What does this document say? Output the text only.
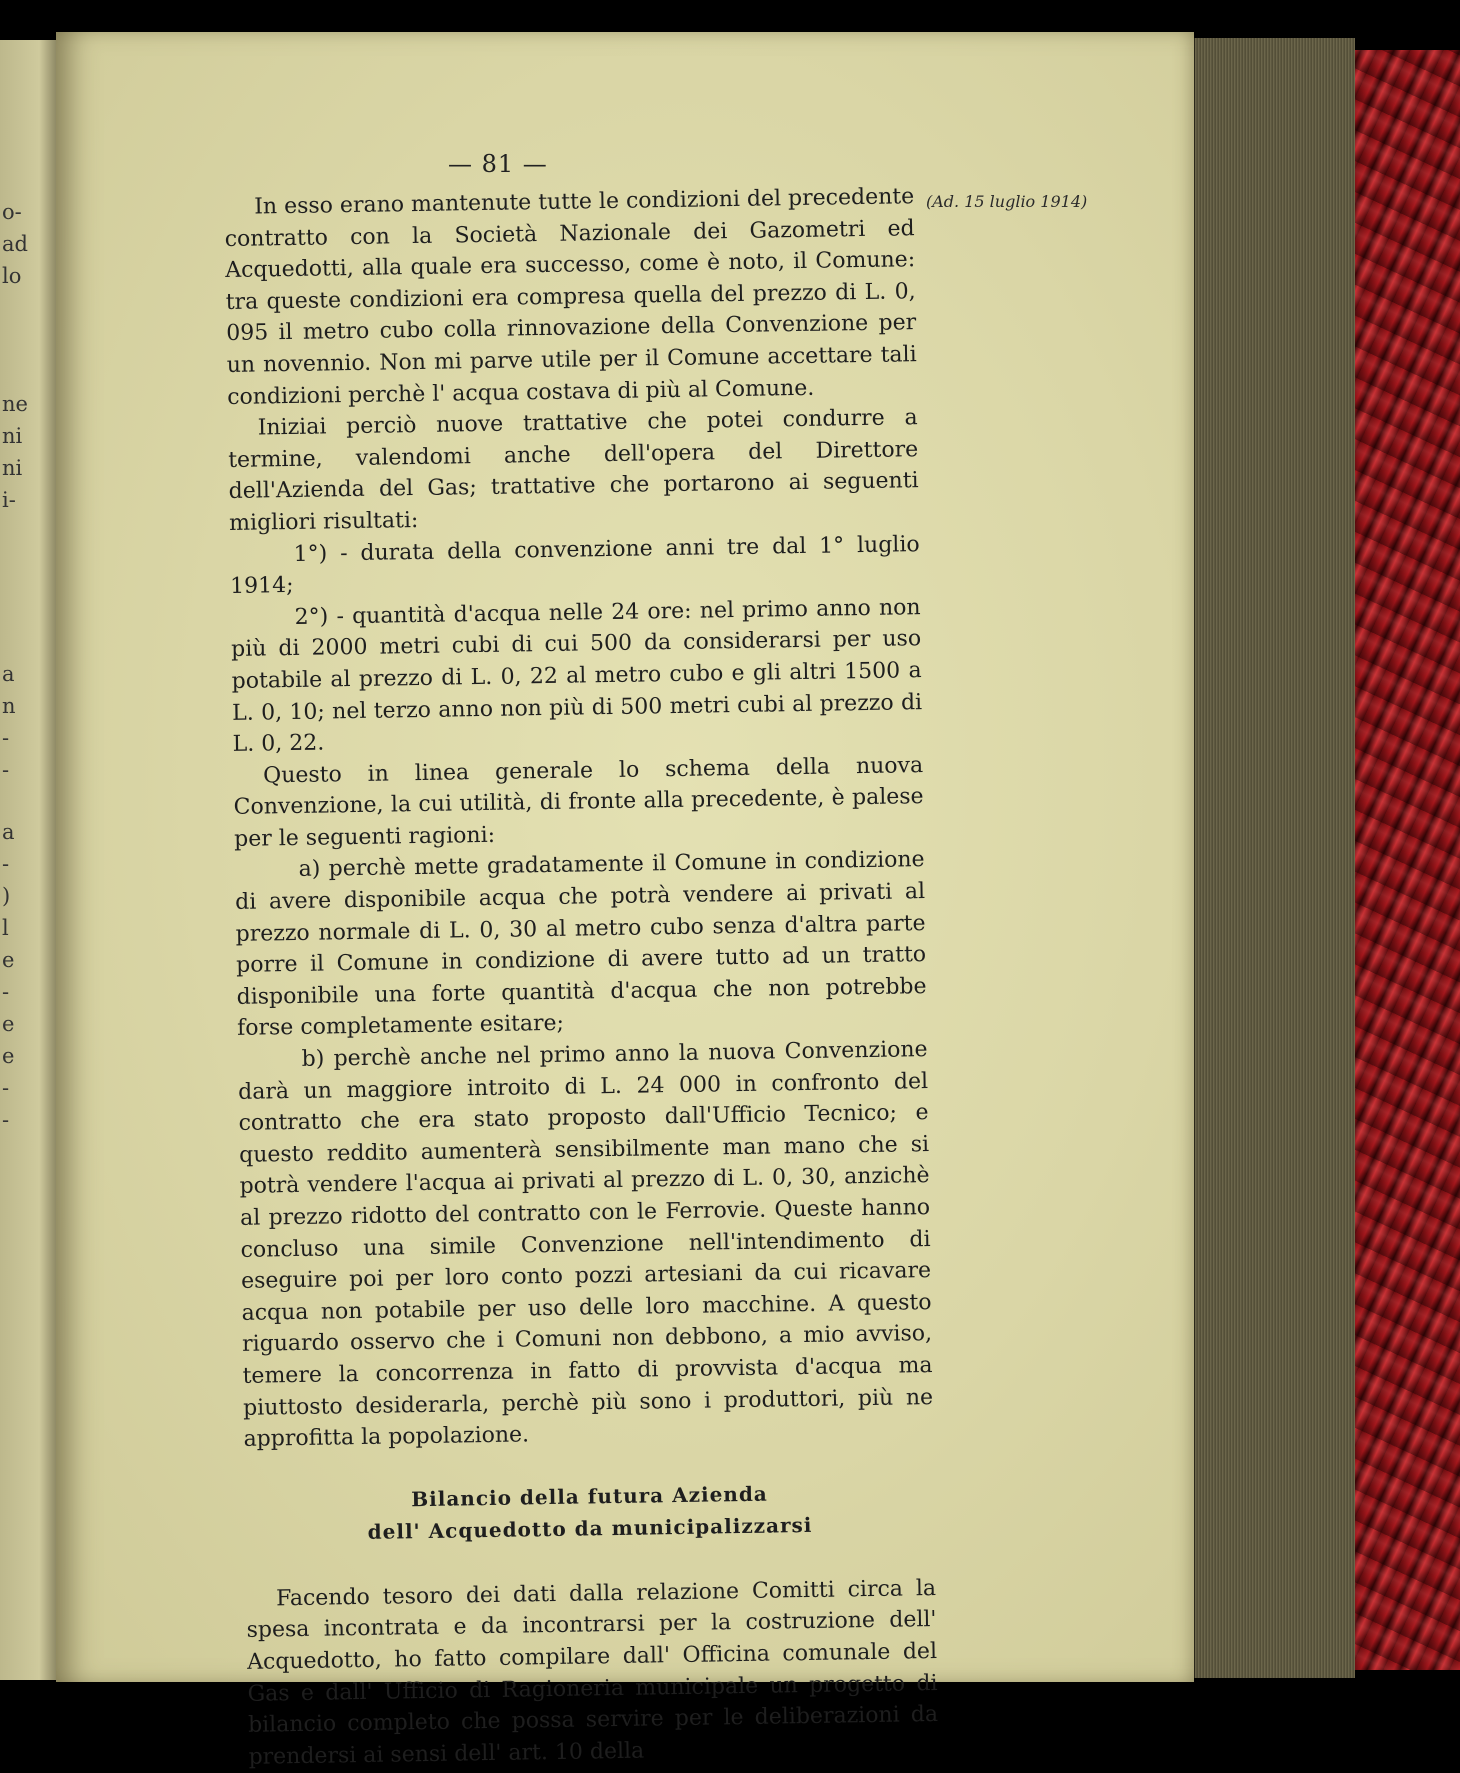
o-
ad
lo
ne
ni
ni
i-
a
n
-
-
a
-
)
l
e
-
e
e
-
-
— 81 —
(Ad. 15 luglio 1914)

In esso erano mantenute tutte le condizioni del precedente contratto con la Società Nazionale dei Gazometri ed Acquedotti, alla quale era successo, come è noto, il Comune: tra queste condizioni era compresa quella del prezzo di L. 0, 095 il metro cubo colla rinnovazione della Convenzione per un novennio. Non mi parve utile per il Comune accettare tali condizioni perchè l' acqua costava di più al Comune.

Iniziai perciò nuove trattative che potei condurre a termine, valendomi anche dell'opera del Direttore dell'Azienda del Gas; trattative che portarono ai seguenti migliori risultati:

1°) - durata della convenzione anni tre dal 1° luglio 1914;

2°) - quantità d'acqua nelle 24 ore: nel primo anno non più di 2000 metri cubi di cui 500 da considerarsi per uso potabile al prezzo di L. 0, 22 al metro cubo e gli altri 1500 a L. 0, 10; nel terzo anno non più di 500 metri cubi al prezzo di L. 0, 22.

Questo in linea generale lo schema della nuova Convenzione, la cui utilità, di fronte alla precedente, è palese per le seguenti ragioni:

a) perchè mette gradatamente il Comune in condizione di avere disponibile acqua che potrà vendere ai privati al prezzo normale di L. 0, 30 al metro cubo senza d'altra parte porre il Comune in condizione di avere tutto ad un tratto disponibile una forte quantità d'acqua che non potrebbe forse completamente esitare;

b) perchè anche nel primo anno la nuova Convenzione darà un maggiore introito di L. 24 000 in confronto del contratto che era stato proposto dall'Ufficio Tecnico; e questo reddito aumenterà sensibilmente man mano che si potrà vendere l'acqua ai privati al prezzo di L. 0, 30, anzichè al prezzo ridotto del contratto con le Ferrovie. Queste hanno concluso una simile Convenzione nell'intendimento di eseguire poi per loro conto pozzi artesiani da cui ricavare acqua non potabile per uso delle loro macchine. A questo riguardo osservo che i Comuni non debbono, a mio avviso, temere la concorrenza in fatto di provvista d'acqua ma piuttosto desiderarla, perchè più sono i produttori, più ne approfitta la popolazione.

Bilancio della futura Azienda
dell' Acquedotto da municipalizzarsi

Facendo tesoro dei dati dalla relazione Comitti circa la spesa incontrata e da incontrarsi per la costruzione dell' Acquedotto, ho fatto compilare dall' Officina comunale del Gas e dall' Ufficio di Ragioneria municipale un progetto di bilancio completo che possa servire per le deliberazioni da prendersi ai sensi dell' art. 10 della
